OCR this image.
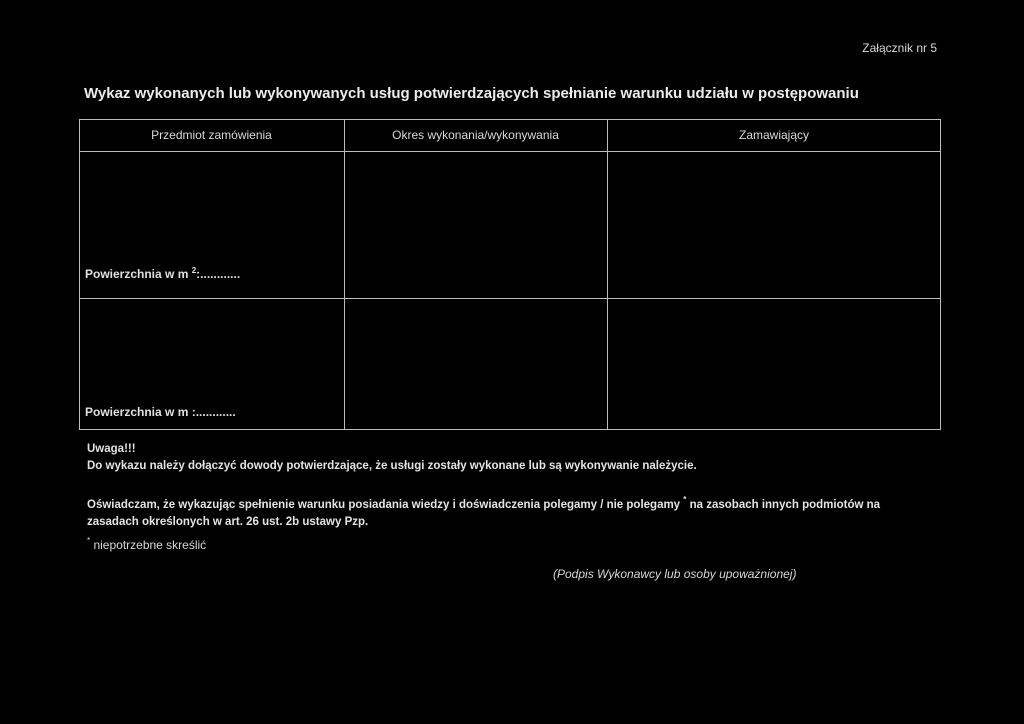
Załącznik nr 5
Wykaz wykonanych lub wykonywanych usług potwierdzających spełnianie warunku udziału w postępowaniu
Przedmiot zamówienia	Okres wykonania/wykonywania	Zamawiający
Powierzchnia w m $^2$:............
Powierzchnia w m :............
Uwaga!!!
Do wykazu należy dołączyć dowody potwierdzające, że usługi zostały wykonane lub są wykonywanie należycie.
Oświadczam, że wykazując spełnienie warunku posiadania wiedzy i doświadczenia polegamy / nie polegamy * na zasobach innych podmiotów na zasadach określonych w art. 26 ust. 2b ustawy Pzp.
* niepotrzebne skreślić
(Podpis Wykonawcy lub osoby upoważnionej)
